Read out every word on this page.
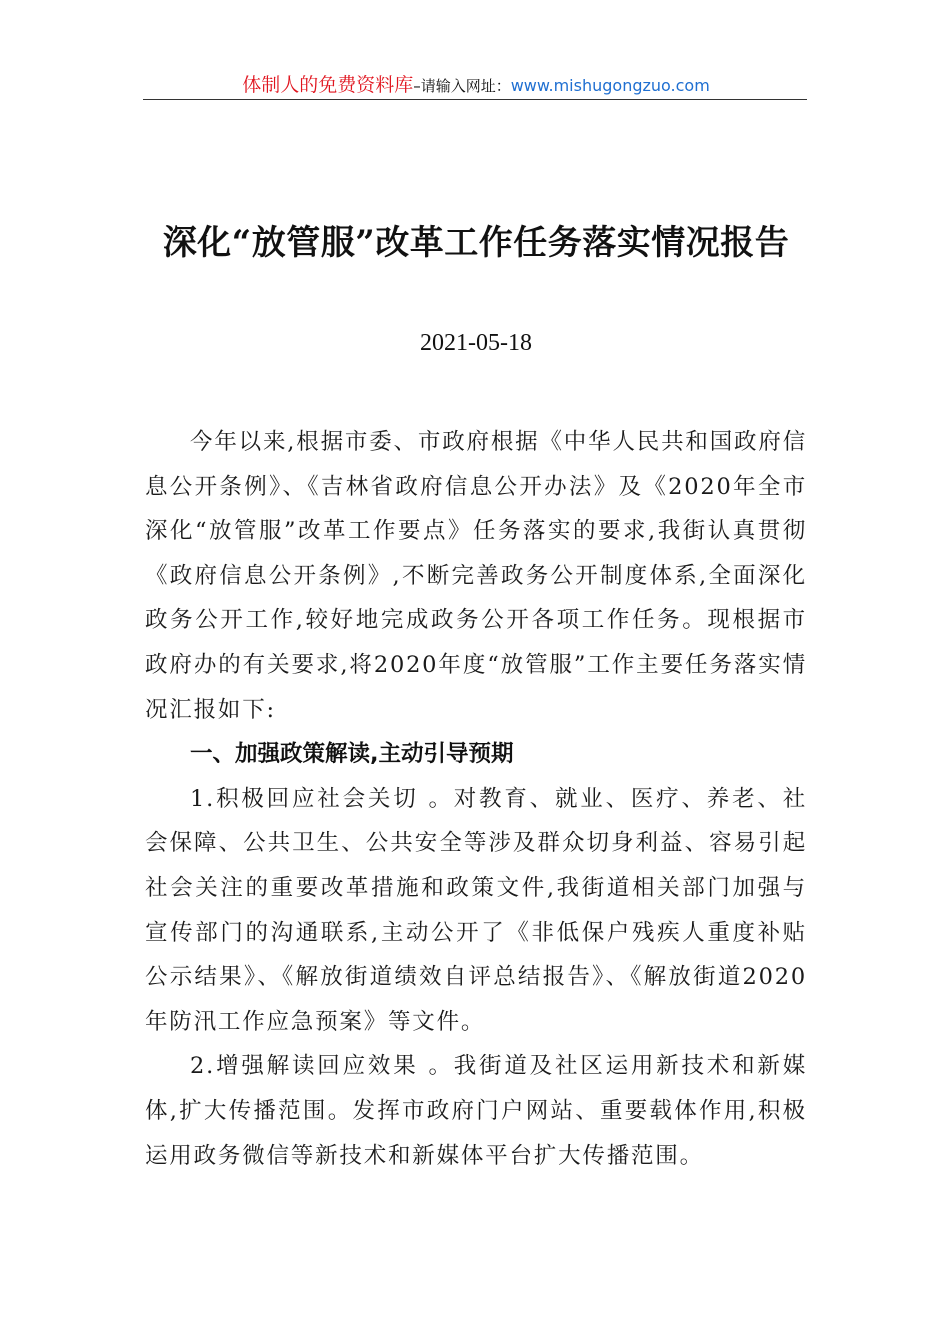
体制人的免费资料库–请输入网址：www.mishugongzuo.com
深化“放管服”改革工作任务落实情况报告
2021-05-18

今年以来,根据市委、市政府根据《中华人民共和国政府信息公开条例》、《吉林省政府信息公开办法》及《2020年全市深化“放管服”改革工作要点》任务落实的要求,我街认真贯彻《政府信息公开条例》,不断完善政务公开制度体系,全面深化政务公开工作,较好地完成政务公开各项工作任务。现根据市政府办的有关要求,将2020年度“放管服”工作主要任务落实情况汇报如下:

一、加强政策解读,主动引导预期

1.积极回应社会关切 。对教育、就业、医疗、养老、社会保障、公共卫生、公共安全等涉及群众切身利益、容易引起社会关注的重要改革措施和政策文件,我街道相关部门加强与宣传部门的沟通联系,主动公开了《非低保户残疾人重度补贴公示结果》、《解放街道绩效自评总结报告》、《解放街道2020年防汛工作应急预案》等文件。

2.增强解读回应效果 。我街道及社区运用新技术和新媒体,扩大传播范围。发挥市政府门户网站、重要载体作用,积极运用政务微信等新技术和新媒体平台扩大传播范围。
